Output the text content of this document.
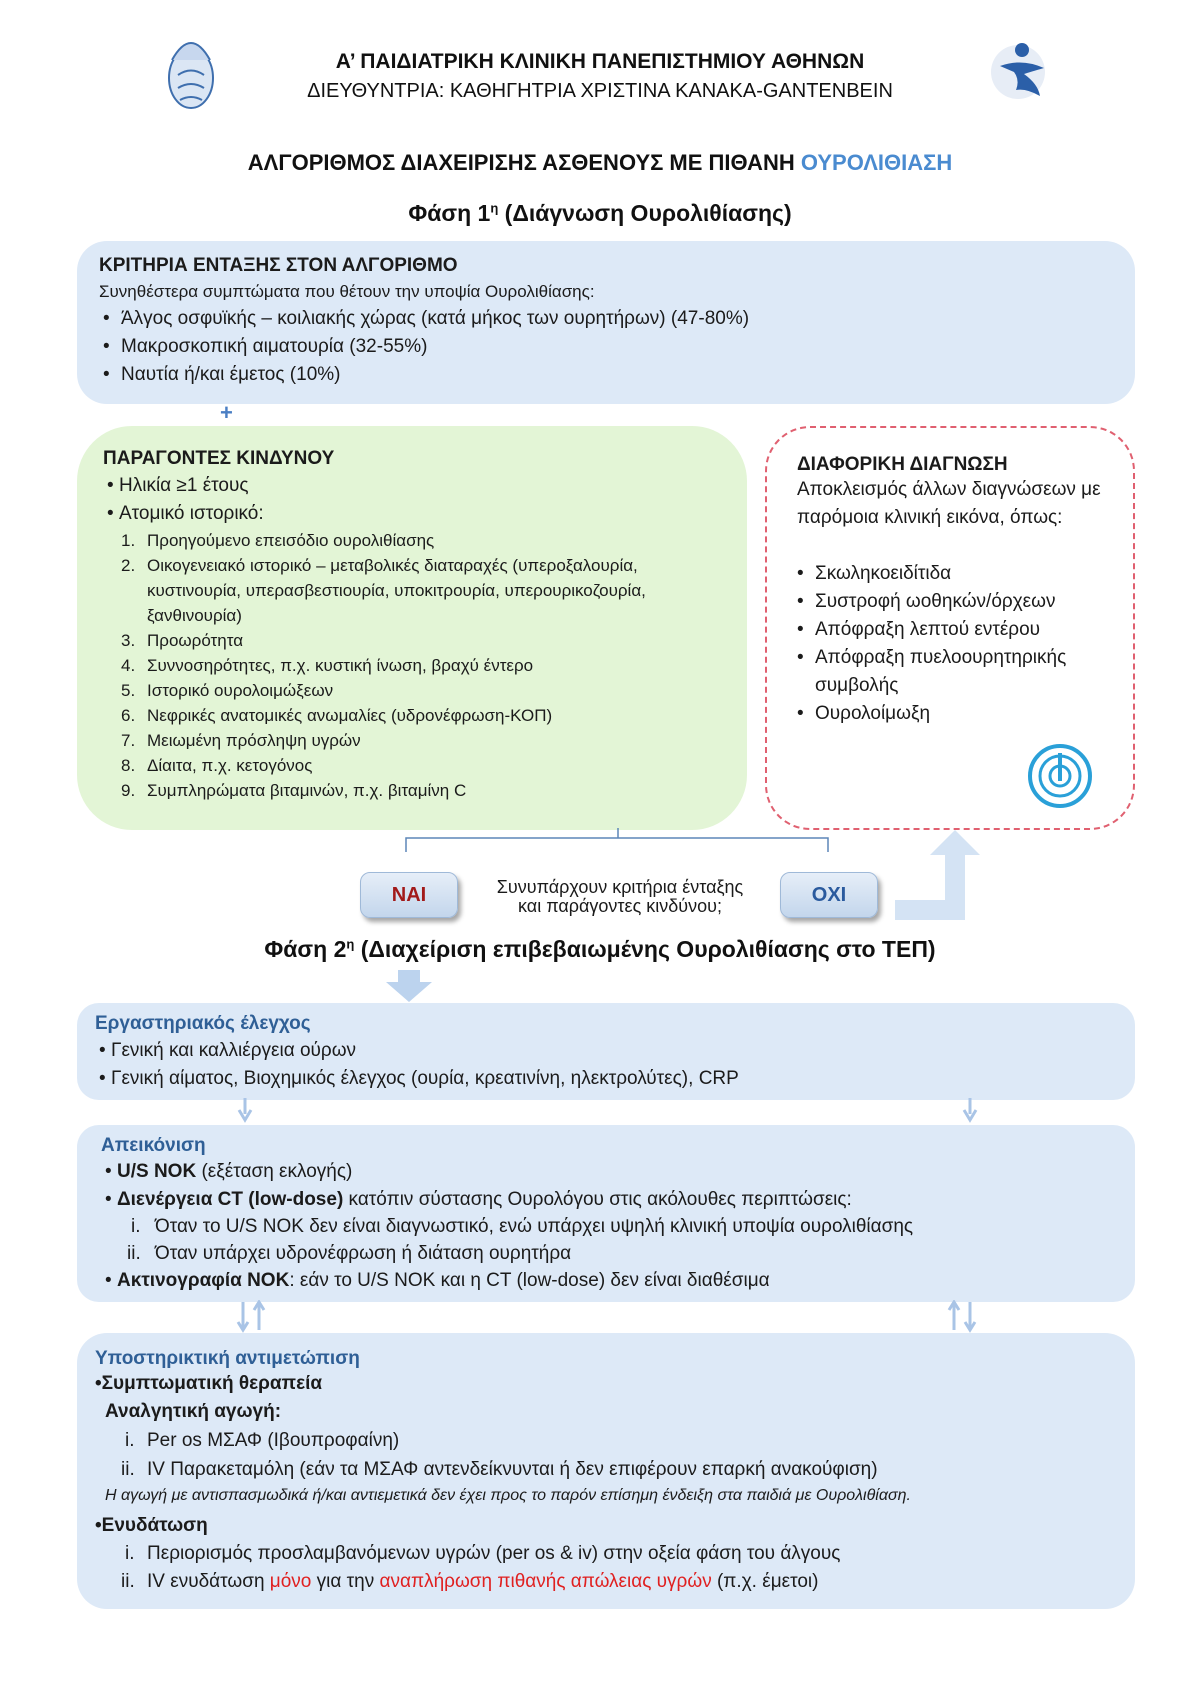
Α’ ΠΑΙΔΙΑΤΡΙΚΗ ΚΛΙΝΙΚΗ ΠΑΝΕΠΙΣΤΗΜΙΟΥ ΑΘΗΝΩΝ
ΔΙΕΥΘΥΝΤΡΙΑ: ΚΑΘΗΓΗΤΡΙΑ ΧΡΙΣΤΙΝΑ ΚΑΝΑΚΑ-GANTENBEIN
ΑΛΓΟΡΙΘΜΟΣ ΔΙΑΧΕΙΡΙΣΗΣ ΑΣΘΕΝΟΥΣ ΜΕ ΠΙΘΑΝΗ ΟΥΡΟΛΙΘΙΑΣΗ
Φάση $1^\eta$ (Διάγνωση Ουρολιθίασης)
ΚΡΙΤΗΡΙΑ ΕΝΤΑΞΗΣ ΣΤΟΝ ΑΛΓΟΡΙΘΜΟ
Συνηθέστερα συμπτώματα που θέτουν την υποψία Ουρολιθίασης:
• Άλγος οσφυϊκής – κοιλιακής χώρας (κατά μήκος των ουρητήρων) (47-80%)
• Μακροσκοπική αιματουρία (32-55%)
• Ναυτία ή/και έμετος (10%)
+
ΠΑΡΑΓΟΝΤΕΣ ΚΙΝΔΥΝΟΥ
• Ηλικία ≥1 έτους
• Ατομικό ιστορικό:
1. Προηγούμενο επεισόδιο ουρολιθίασης
2. Οικογενειακό ιστορικό – μεταβολικές διαταραχές (υπεροξαλουρία, κυστινουρία, υπερασβεστιουρία, υποκιτρουρία, υπερουρικοζουρία, ξανθινουρία)
3. Προωρότητα
4. Συννοσηρότητες, π.χ. κυστική ίνωση, βραχύ έντερο
5. Ιστορικό ουρολοιμώξεων
6. Νεφρικές ανατομικές ανωμαλίες (υδρονέφρωση-ΚΟΠ)
7. Μειωμένη πρόσληψη υγρών
8. Δίαιτα, π.χ. κετογόνος
9. Συμπληρώματα βιταμινών, π.χ. βιταμίνη C
ΔΙΑΦΟΡΙΚΗ ΔΙΑΓΝΩΣΗ
Αποκλεισμός άλλων διαγνώσεων με παρόμοια κλινική εικόνα, όπως:
• Σκωληκοειδίτιδα
• Συστροφή ωοθηκών/όρχεων
• Απόφραξη λεπτού εντέρου
• Απόφραξη πυελοουρητηρικής συμβολής
• Ουρολοίμωξη
ΝΑΙ	ΟΧΙ
Συνυπάρχουν κριτήρια ένταξης
και παράγοντες κινδύνου;
Φάση $2^\eta$ (Διαχείριση επιβεβαιωμένης Ουρολιθίασης στο ΤΕΠ)
Εργαστηριακός έλεγχος
• Γενική και καλλιέργεια ούρων
• Γενική αίματος, Βιοχημικός έλεγχος (ουρία, κρεατινίνη, ηλεκτρολύτες), CRP
Απεικόνιση
• U/S ΝΟΚ (εξέταση εκλογής)
• Διενέργεια CT (low-dose) κατόπιν σύστασης Ουρολόγου στις ακόλουθες περιπτώσεις:
i. Όταν το U/S ΝΟΚ δεν είναι διαγνωστικό, ενώ υπάρχει υψηλή κλινική υποψία ουρολιθίασης
ii. Όταν υπάρχει υδρονέφρωση ή διάταση ουρητήρα
• Ακτινογραφία ΝΟΚ: εάν το U/S ΝΟΚ και η CT (low-dose) δεν είναι διαθέσιμα
Υποστηρικτική αντιμετώπιση
•Συμπτωματική θεραπεία
Αναλγητική αγωγή:
i. Per os ΜΣΑΦ (Ιβουπροφαίνη)
ii. IV Παρακεταμόλη (εάν τα ΜΣΑΦ αντενδείκνυνται ή δεν επιφέρουν επαρκή ανακούφιση)
Η αγωγή με αντισπασμωδικά ή/και αντιεμετικά δεν έχει προς το παρόν επίσημη ένδειξη στα παιδιά με Ουρολιθίαση.
•Ενυδάτωση
i. Περιορισμός προσλαμβανόμενων υγρών (per os & iv) στην οξεία φάση του άλγους
ii. IV ενυδάτωση μόνο για την αναπλήρωση πιθανής απώλειας υγρών (π.χ. έμετοι)
